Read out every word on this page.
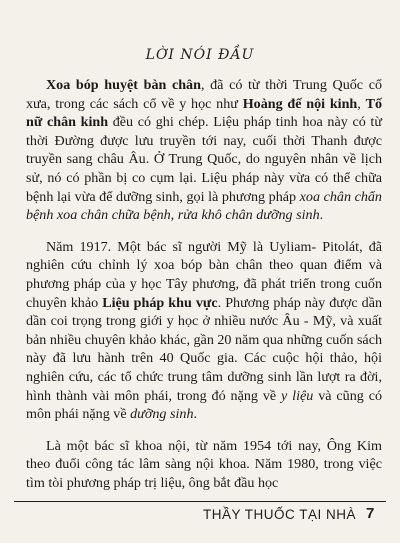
LỜI NÓI ĐẦU

Xoa bóp huyệt bàn chân, đã có từ thời Trung Quốc cổ xưa, trong các sách cổ về y học như Hoàng đế nội kinh, Tố nữ chân kinh đều có ghi chép. Liệu pháp tinh hoa này có từ thời Đường được lưu truyền tới nay, cuối thời Thanh được truyền sang châu Âu. Ở Trung Quốc, do nguyên nhân về lịch sử, nó có phần bị co cụm lại. Liệu pháp này vừa có thể chữa bệnh lại vừa để dưỡng sinh, gọi là phương pháp xoa chân chẩn bệnh xoa chân chữa bệnh, rửa khô chân dưỡng sinh.

Năm 1917. Một bác sĩ người Mỹ là Uyliam- Pitolát, đã nghiên cứu chỉnh lý xoa bóp bàn chân theo quan điểm và phương pháp của y học Tây phương, đã phát triển trong cuốn chuyên khảo Liệu pháp khu vực. Phương pháp này được dần dần coi trọng trong giới y học ở nhiều nước Âu - Mỹ, và xuất bản nhiều chuyên khảo khác, gần 20 năm qua những cuốn sách này đã lưu hành trên 40 Quốc gia. Các cuộc hội thảo, hội nghiên cứu, các tổ chức trung tâm dưỡng sinh lần lượt ra đời, hình thành vài môn phái, trong đó nặng về y liệu và cũng có môn phái nặng về dưỡng sinh.

Là một bác sĩ khoa nội, từ năm 1954 tới nay, Ông Kim theo đuổi công tác lâm sàng nội khoa. Năm 1980, trong việc tìm tòi phương pháp trị liệu, ông bắt đầu học

THẦY THUỐC TẠI NHÀ 7
